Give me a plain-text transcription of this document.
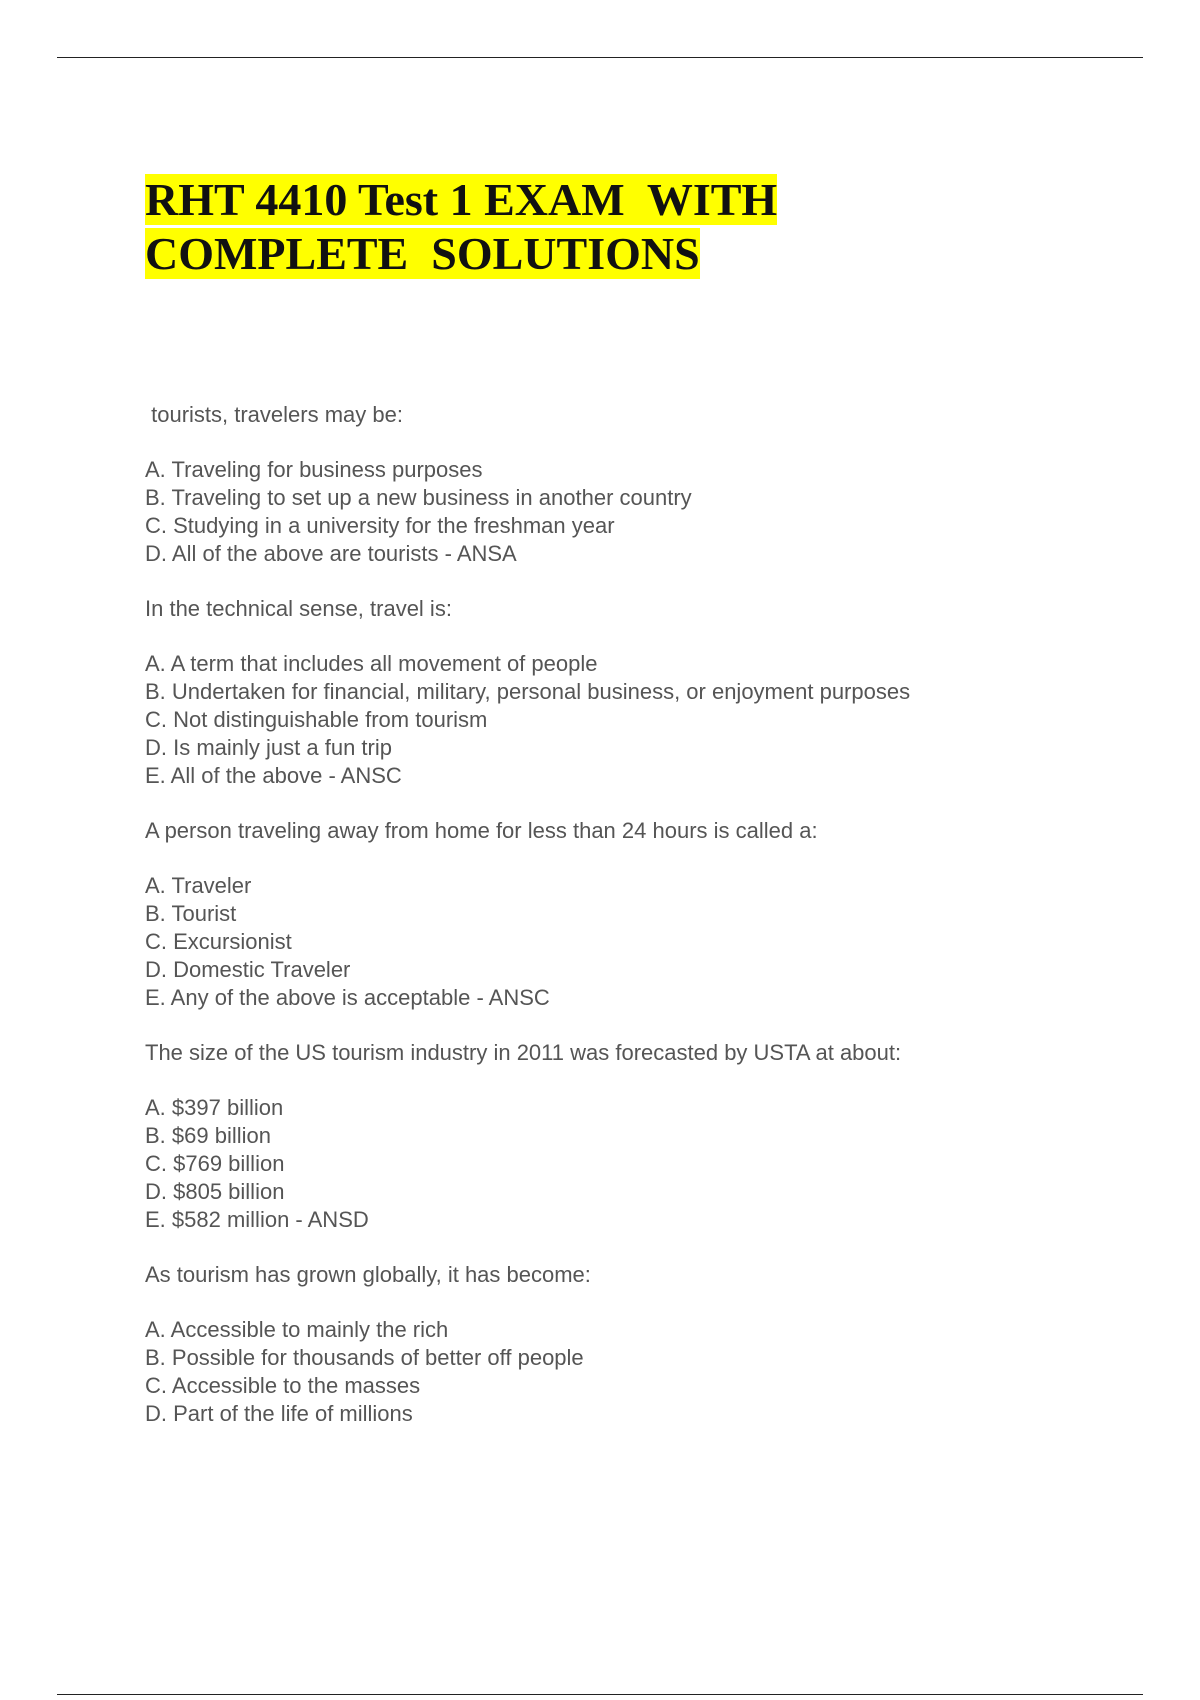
RHT 4410 Test 1 EXAM  WITH
COMPLETE  SOLUTIONS

tourists, travelers may be:

A. Traveling for business purposes
B. Traveling to set up a new business in another country
C. Studying in a university for the freshman year
D. All of the above are tourists - ANSA

In the technical sense, travel is:

A. A term that includes all movement of people
B. Undertaken for financial, military, personal business, or enjoyment purposes
C. Not distinguishable from tourism
D. Is mainly just a fun trip
E. All of the above - ANSC

A person traveling away from home for less than 24 hours is called a:

A. Traveler
B. Tourist
C. Excursionist
D. Domestic Traveler
E. Any of the above is acceptable - ANSC

The size of the US tourism industry in 2011 was forecasted by USTA at about:

A. $397 billion
B. $69 billion
C. $769 billion
D. $805 billion
E. $582 million - ANSD

As tourism has grown globally, it has become:

A. Accessible to mainly the rich
B. Possible for thousands of better off people
C. Accessible to the masses
D. Part of the life of millions
